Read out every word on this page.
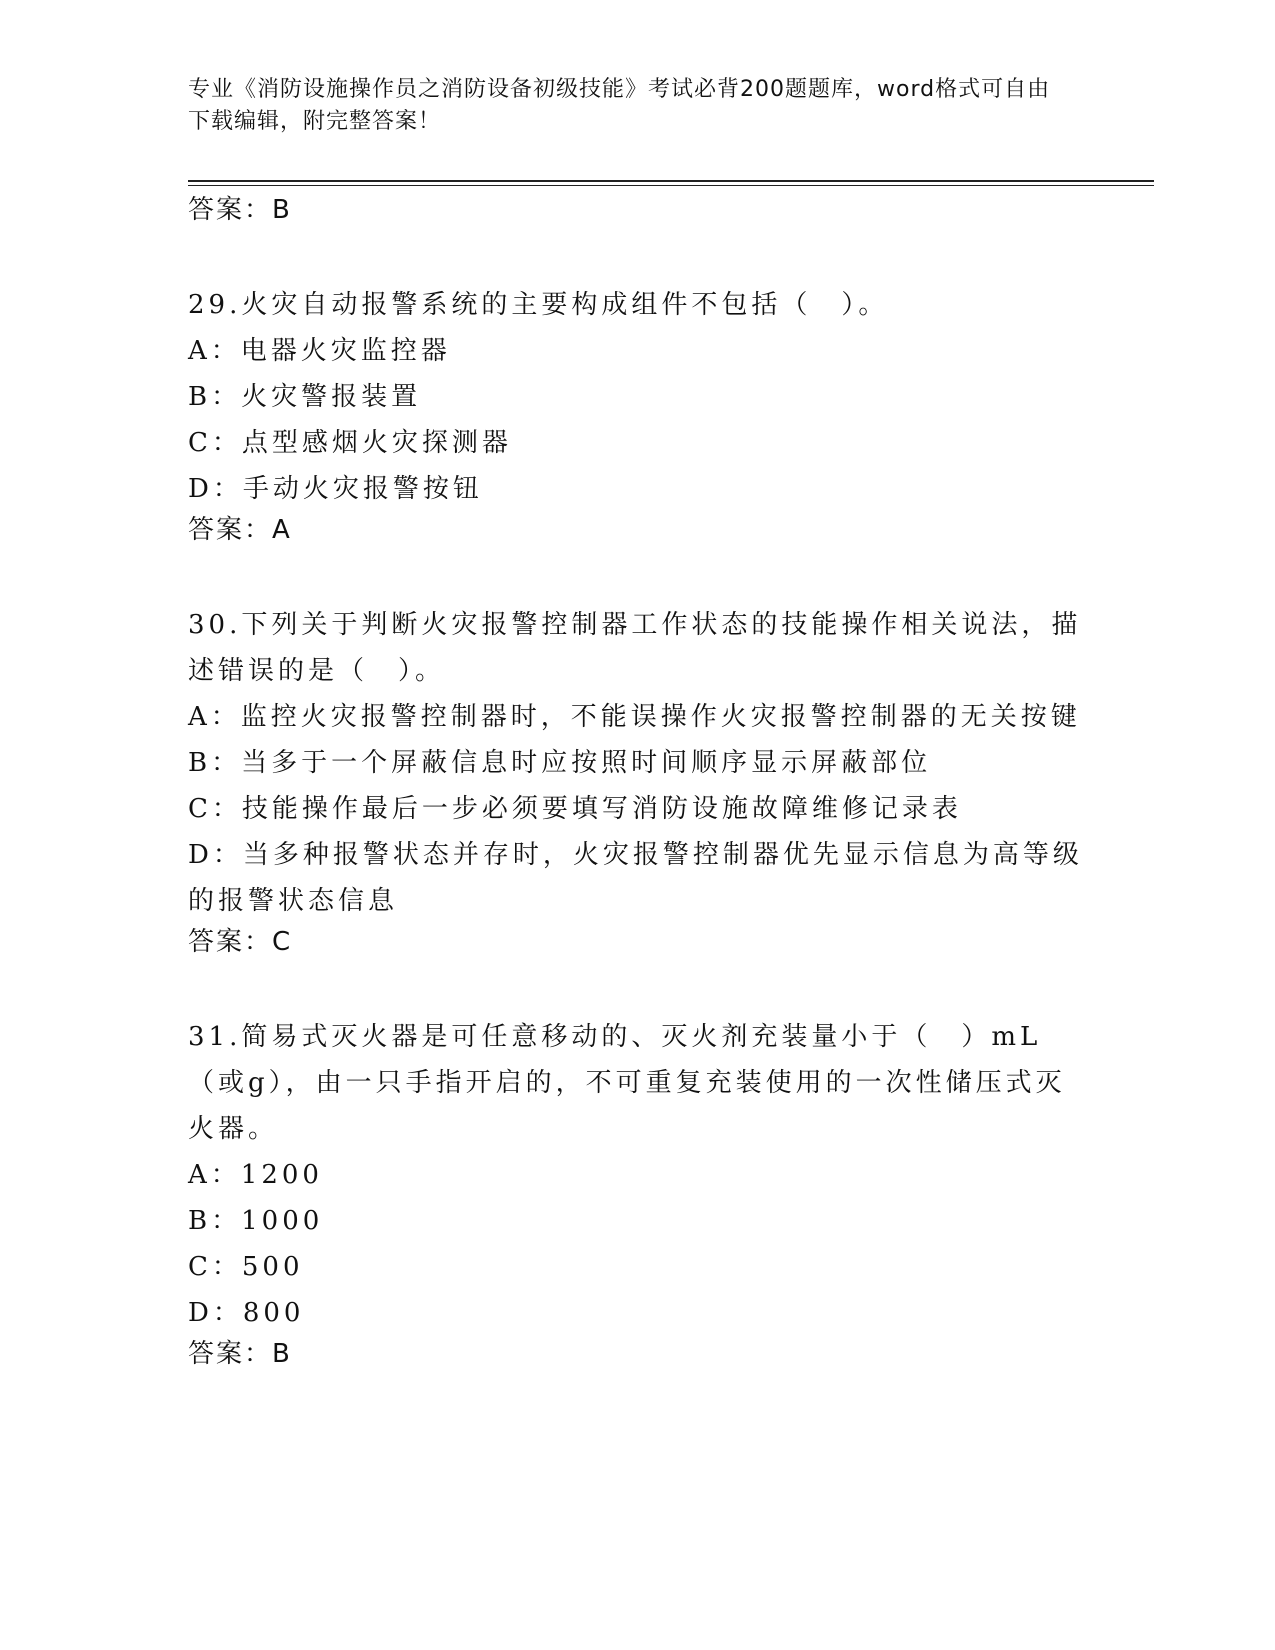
专业《消防设施操作员之消防设备初级技能》考试必背200题题库，word格式可自由下载编辑，附完整答案！
答案：B
29.火灾自动报警系统的主要构成组件不包括（　）。
A：电器火灾监控器
B：火灾警报装置
C：点型感烟火灾探测器
D：手动火灾报警按钮
答案：A
30.下列关于判断火灾报警控制器工作状态的技能操作相关说法，描述错误的是（　）。
A：监控火灾报警控制器时，不能误操作火灾报警控制器的无关按键
B：当多于一个屏蔽信息时应按照时间顺序显示屏蔽部位
C：技能操作最后一步必须要填写消防设施故障维修记录表
D：当多种报警状态并存时，火灾报警控制器优先显示信息为高等级的报警状态信息
答案：C
31.简易式灭火器是可任意移动的、灭火剂充装量小于（　）mL（或g），由一只手指开启的，不可重复充装使用的一次性储压式灭火器。
A：1200
B：1000
C：500
D：800
答案：B
